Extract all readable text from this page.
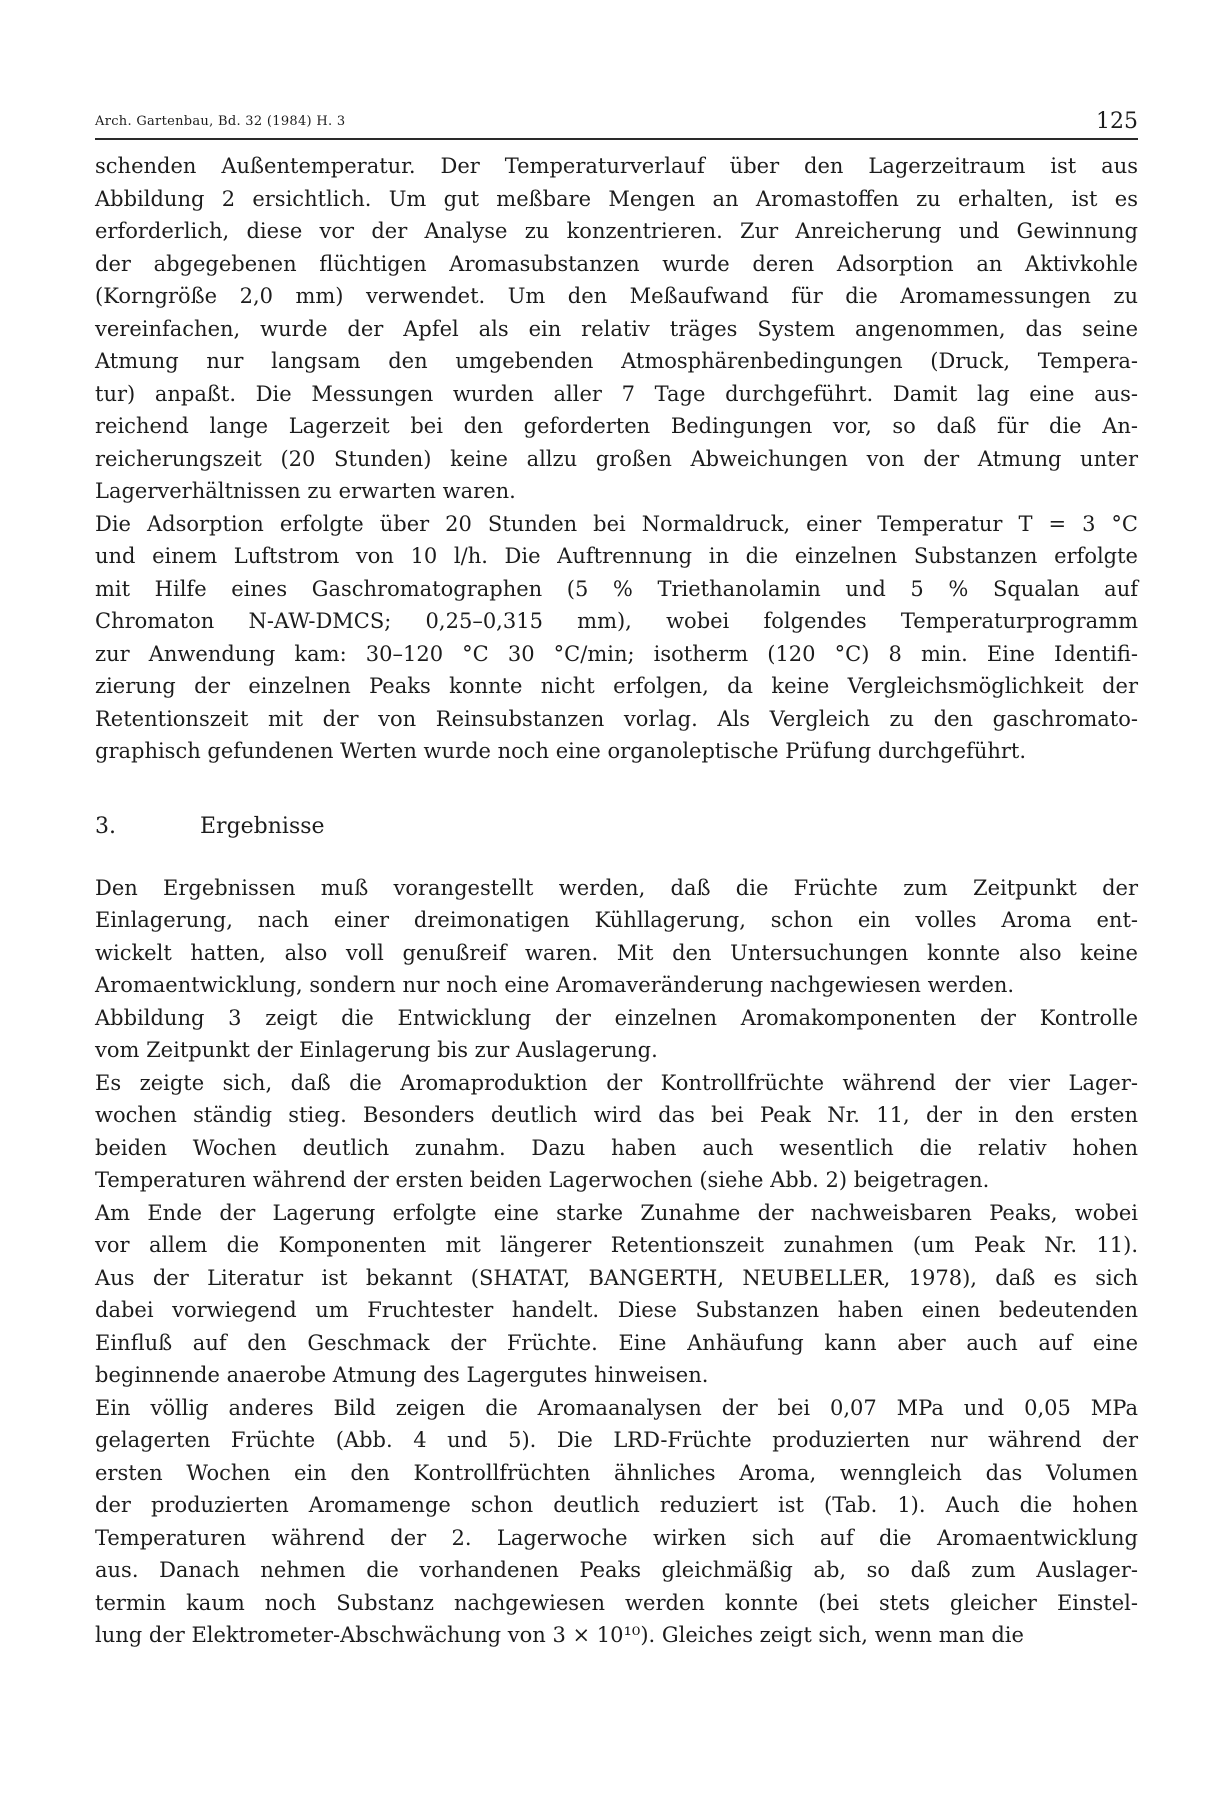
Arch. Gartenbau, Bd. 32 (1984) H. 3	125

schenden Außentemperatur. Der Temperaturverlauf über den Lagerzeitraum ist aus
Abbildung 2 ersichtlich. Um gut meßbare Mengen an Aromastoffen zu erhalten, ist es
erforderlich, diese vor der Analyse zu konzentrieren. Zur Anreicherung und Gewinnung
der abgegebenen flüchtigen Aromasubstanzen wurde deren Adsorption an Aktivkohle
(Korngröße 2,0 mm) verwendet. Um den Meßaufwand für die Aromamessungen zu
vereinfachen, wurde der Apfel als ein relativ träges System angenommen, das seine
Atmung nur langsam den umgebenden Atmosphärenbedingungen (Druck, Tempera-
tur) anpaßt. Die Messungen wurden aller 7 Tage durchgeführt. Damit lag eine aus-
reichend lange Lagerzeit bei den geforderten Bedingungen vor, so daß für die An-
reicherungszeit (20 Stunden) keine allzu großen Abweichungen von der Atmung unter
Lagerverhältnissen zu erwarten waren.

Die Adsorption erfolgte über 20 Stunden bei Normaldruck, einer Temperatur T = 3 °C
und einem Luftstrom von 10 l/h. Die Auftrennung in die einzelnen Substanzen erfolgte
mit Hilfe eines Gaschromatographen (5 % Triethanolamin und 5 % Squalan auf
Chromaton N-AW-DMCS; 0,25–0,315 mm), wobei folgendes Temperaturprogramm
zur Anwendung kam: 30–120 °C 30 °C/min; isotherm (120 °C) 8 min. Eine Identifi-
zierung der einzelnen Peaks konnte nicht erfolgen, da keine Vergleichsmöglichkeit der
Retentionszeit mit der von Reinsubstanzen vorlag. Als Vergleich zu den gaschromato-
graphisch gefundenen Werten wurde noch eine organoleptische Prüfung durchgeführt.

3.	Ergebnisse

Den Ergebnissen muß vorangestellt werden, daß die Früchte zum Zeitpunkt der
Einlagerung, nach einer dreimonatigen Kühllagerung, schon ein volles Aroma ent-
wickelt hatten, also voll genußreif waren. Mit den Untersuchungen konnte also keine
Aromaentwicklung, sondern nur noch eine Aromaveränderung nachgewiesen werden.

Abbildung 3 zeigt die Entwicklung der einzelnen Aromakomponenten der Kontrolle
vom Zeitpunkt der Einlagerung bis zur Auslagerung.

Es zeigte sich, daß die Aromaproduktion der Kontrollfrüchte während der vier Lager-
wochen ständig stieg. Besonders deutlich wird das bei Peak Nr. 11, der in den ersten
beiden Wochen deutlich zunahm. Dazu haben auch wesentlich die relativ hohen
Temperaturen während der ersten beiden Lagerwochen (siehe Abb. 2) beigetragen.

Am Ende der Lagerung erfolgte eine starke Zunahme der nachweisbaren Peaks, wobei
vor allem die Komponenten mit längerer Retentionszeit zunahmen (um Peak Nr. 11).
Aus der Literatur ist bekannt (SHATAT, BANGERTH, NEUBELLER, 1978), daß es sich
dabei vorwiegend um Fruchtester handelt. Diese Substanzen haben einen bedeutenden
Einfluß auf den Geschmack der Früchte. Eine Anhäufung kann aber auch auf eine
beginnende anaerobe Atmung des Lagergutes hinweisen.

Ein völlig anderes Bild zeigen die Aromaanalysen der bei 0,07 MPa und 0,05 MPa
gelagerten Früchte (Abb. 4 und 5). Die LRD-Früchte produzierten nur während der
ersten Wochen ein den Kontrollfrüchten ähnliches Aroma, wenngleich das Volumen
der produzierten Aromamenge schon deutlich reduziert ist (Tab. 1). Auch die hohen
Temperaturen während der 2. Lagerwoche wirken sich auf die Aromaentwicklung
aus. Danach nehmen die vorhandenen Peaks gleichmäßig ab, so daß zum Auslager-
termin kaum noch Substanz nachgewiesen werden konnte (bei stets gleicher Einstel-
lung der Elektrometer-Abschwächung von 3 × 10¹⁰). Gleiches zeigt sich, wenn man die
